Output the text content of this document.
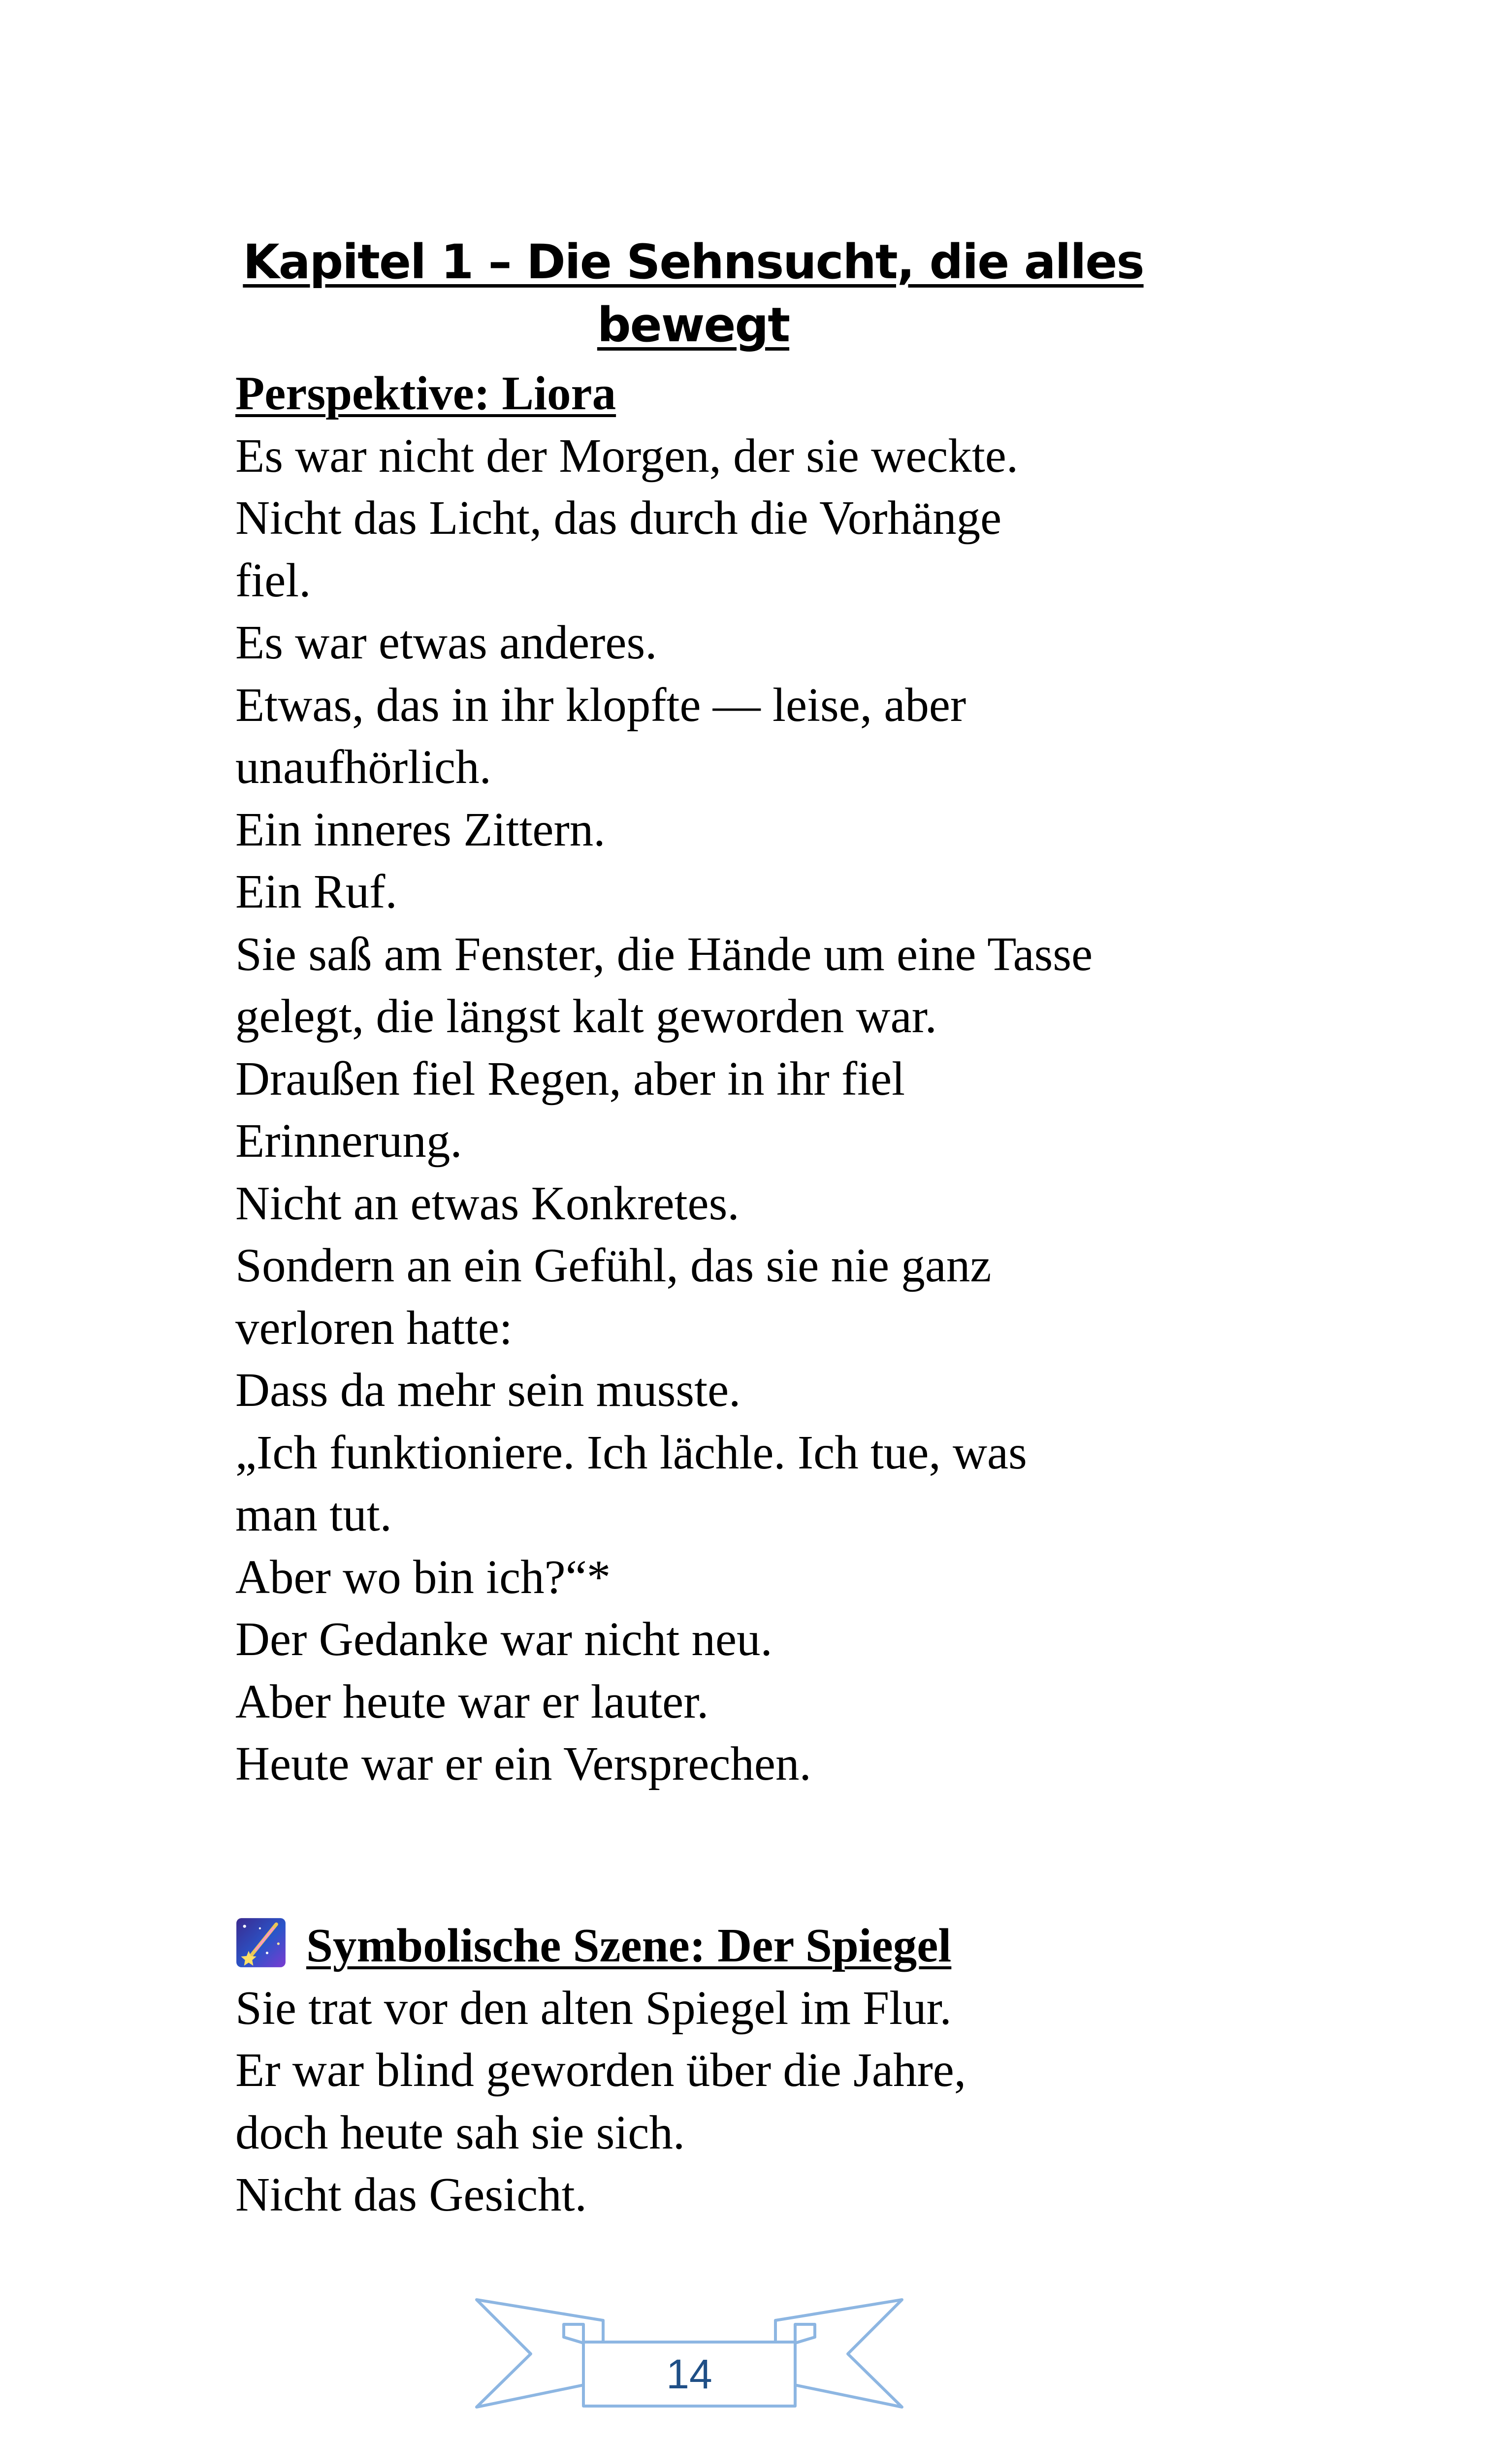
Kapitel 1 – Die Sehnsucht, die alles
bewegt
Perspektive: Liora
Es war nicht der Morgen, der sie weckte.
Nicht das Licht, das durch die Vorhänge
fiel.
Es war etwas anderes.
Etwas, das in ihr klopfte — leise, aber
unaufhörlich.
Ein inneres Zittern.
Ein Ruf.
Sie saß am Fenster, die Hände um eine Tasse
gelegt, die längst kalt geworden war.
Draußen fiel Regen, aber in ihr fiel
Erinnerung.
Nicht an etwas Konkretes.
Sondern an ein Gefühl, das sie nie ganz
verloren hatte:
Dass da mehr sein musste.
„Ich funktioniere. Ich lächle. Ich tue, was
man tut.
Aber wo bin ich?“*
Der Gedanke war nicht neu.
Aber heute war er lauter.
Heute war er ein Versprechen.
Symbolische Szene: Der Spiegel
Sie trat vor den alten Spiegel im Flur.
Er war blind geworden über die Jahre,
doch heute sah sie sich.
Nicht das Gesicht.
14
